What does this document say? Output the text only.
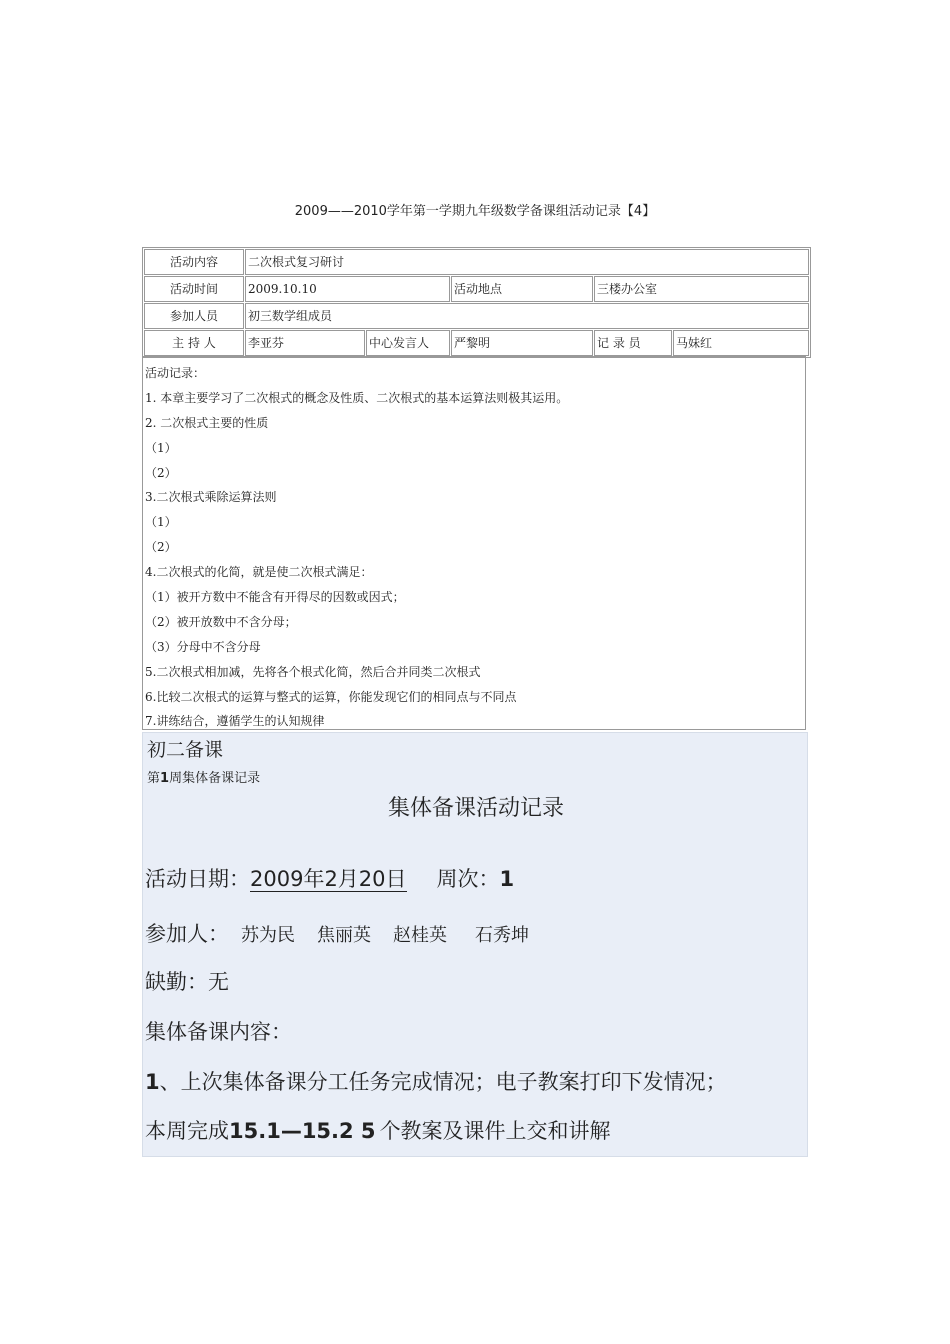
2009——2010学年第一学期九年级数学备课组活动记录【4】
活动内容	二次根式复习研讨				
活动时间	2009.10.10		活动地点	三楼办公室	
参加人员	初三数学组成员				
主 持 人	李亚芬	中心发言人	严黎明	记 录 员	马妹红
活动记录：
1. 本章主要学习了二次根式的概念及性质、二次根式的基本运算法则极其运用。
2. 二次根式主要的性质
（1）
（2）
3.二次根式乘除运算法则
（1）
（2）
4.二次根式的化简，就是使二次根式满足：
（1）被开方数中不能含有开得尽的因数或因式；
（2）被开放数中不含分母；
（3）分母中不含分母
5.二次根式相加减，先将各个根式化简，然后合并同类二次根式
6.比较二次根式的运算与整式的运算，你能发现它们的相同点与不同点
7.讲练结合，遵循学生的认知规律
初二备课
第1周集体备课记录
集体备课活动记录
活动日期：2009年2月20日 周次：1
参加人： 苏为民 焦丽英 赵桂英 石秀坤
缺勤：无
集体备课内容：
1、上次集体备课分工任务完成情况；电子教案打印下发情况；
本周完成15.1—15.2 5 个教案及课件上交和讲解
